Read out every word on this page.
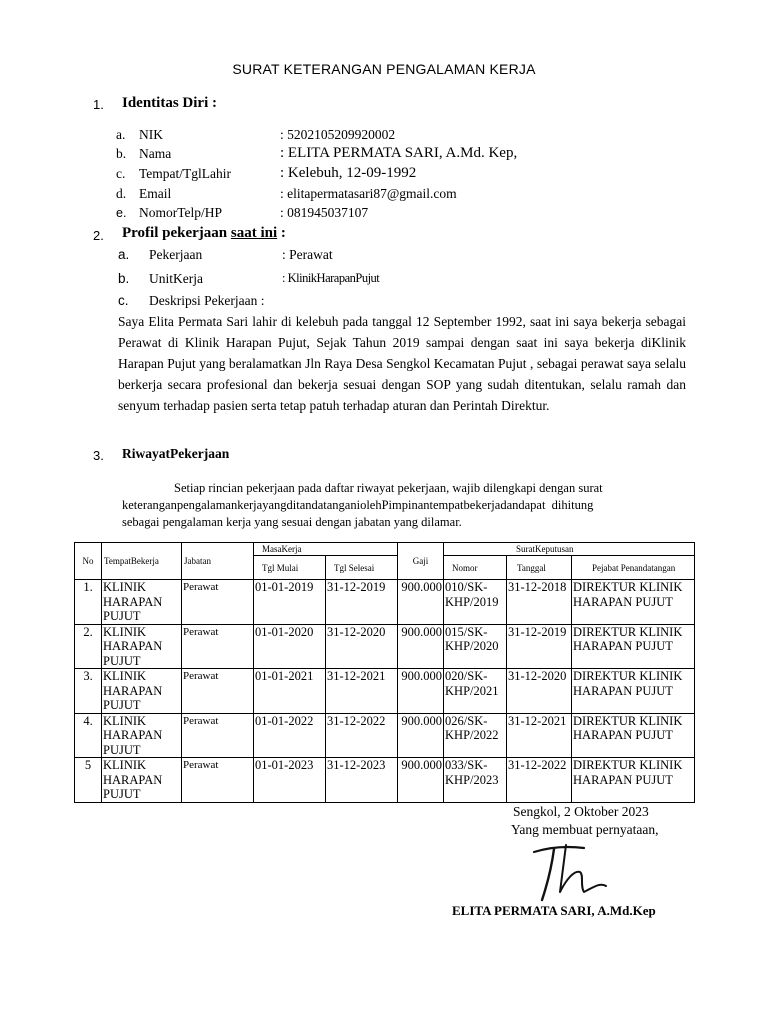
SURAT KETERANGAN PENGALAMAN KERJA
1. Identitas Diri :
a. NIK	: 5202105209920002
b. Nama	: ELITA PERMATA SARI, A.Md. Kep,
c. Tempat/TglLahir	: Kelebuh, 12-09-1992
d. Email	: elitapermatasari87@gmail.com
e. NomorTelp/HP	: 081945037107
2. Profil pekerjaan saat ini :
a. Pekerjaan	: Perawat
b. UnitKerja	: KlinikHarapanPujut
c. Deskripsi Pekerjaan :
Saya Elita Permata Sari lahir di kelebuh pada tanggal 12 September 1992, saat ini saya bekerja sebagai Perawat di Klinik Harapan Pujut, Sejak Tahun 2019 sampai dengan saat ini saya bekerja diKlinik Harapan Pujut yang beralamatkan Jln Raya Desa Sengkol Kecamatan Pujut , sebagai perawat saya selalu berkerja secara profesional dan bekerja sesuai dengan SOP yang sudah ditentukan, selalu ramah dan senyum terhadap pasien serta tetap patuh terhadap aturan dan Perintah Direktur.
3. RiwayatPekerjaan
Setiap rincian pekerjaan pada daftar riwayat pekerjaan, wajib dilengkapi dengan surat
keteranganpengalamankerjayangditandatanganiolehPimpinantempatbekerjadandapat  dihitung
sebagai pengalaman kerja yang sesuai dengan jabatan yang dilamar.
No	TempatBekerja	Jabatan	MasaKerja		Gaji	SuratKeputusan		
			Tgl Mulai	Tgl Selesai		Nomor	Tanggal	Pejabat Penandatangan
1.	KLINIK HARAPAN PUJUT	Perawat	01-01-2019	31-12-2019	900.000	010/SK-KHP/2019	31-12-2018	DIREKTUR KLINIK HARAPAN PUJUT
2.	KLINIK HARAPAN PUJUT	Perawat	01-01-2020	31-12-2020	900.000	015/SK-KHP/2020	31-12-2019	DIREKTUR KLINIK HARAPAN PUJUT
3.	KLINIK HARAPAN PUJUT	Perawat	01-01-2021	31-12-2021	900.000	020/SK-KHP/2021	31-12-2020	DIREKTUR KLINIK HARAPAN PUJUT
4.	KLINIK HARAPAN PUJUT	Perawat	01-01-2022	31-12-2022	900.000	026/SK-KHP/2022	31-12-2021	DIREKTUR KLINIK HARAPAN PUJUT
5	KLINIK HARAPAN PUJUT	Perawat	01-01-2023	31-12-2023	900.000	033/SK-KHP/2023	31-12-2022	DIREKTUR KLINIK HARAPAN PUJUT
Sengkol, 2 Oktober 2023
Yang membuat pernyataan,
ELITA PERMATA SARI, A.Md.Kep
